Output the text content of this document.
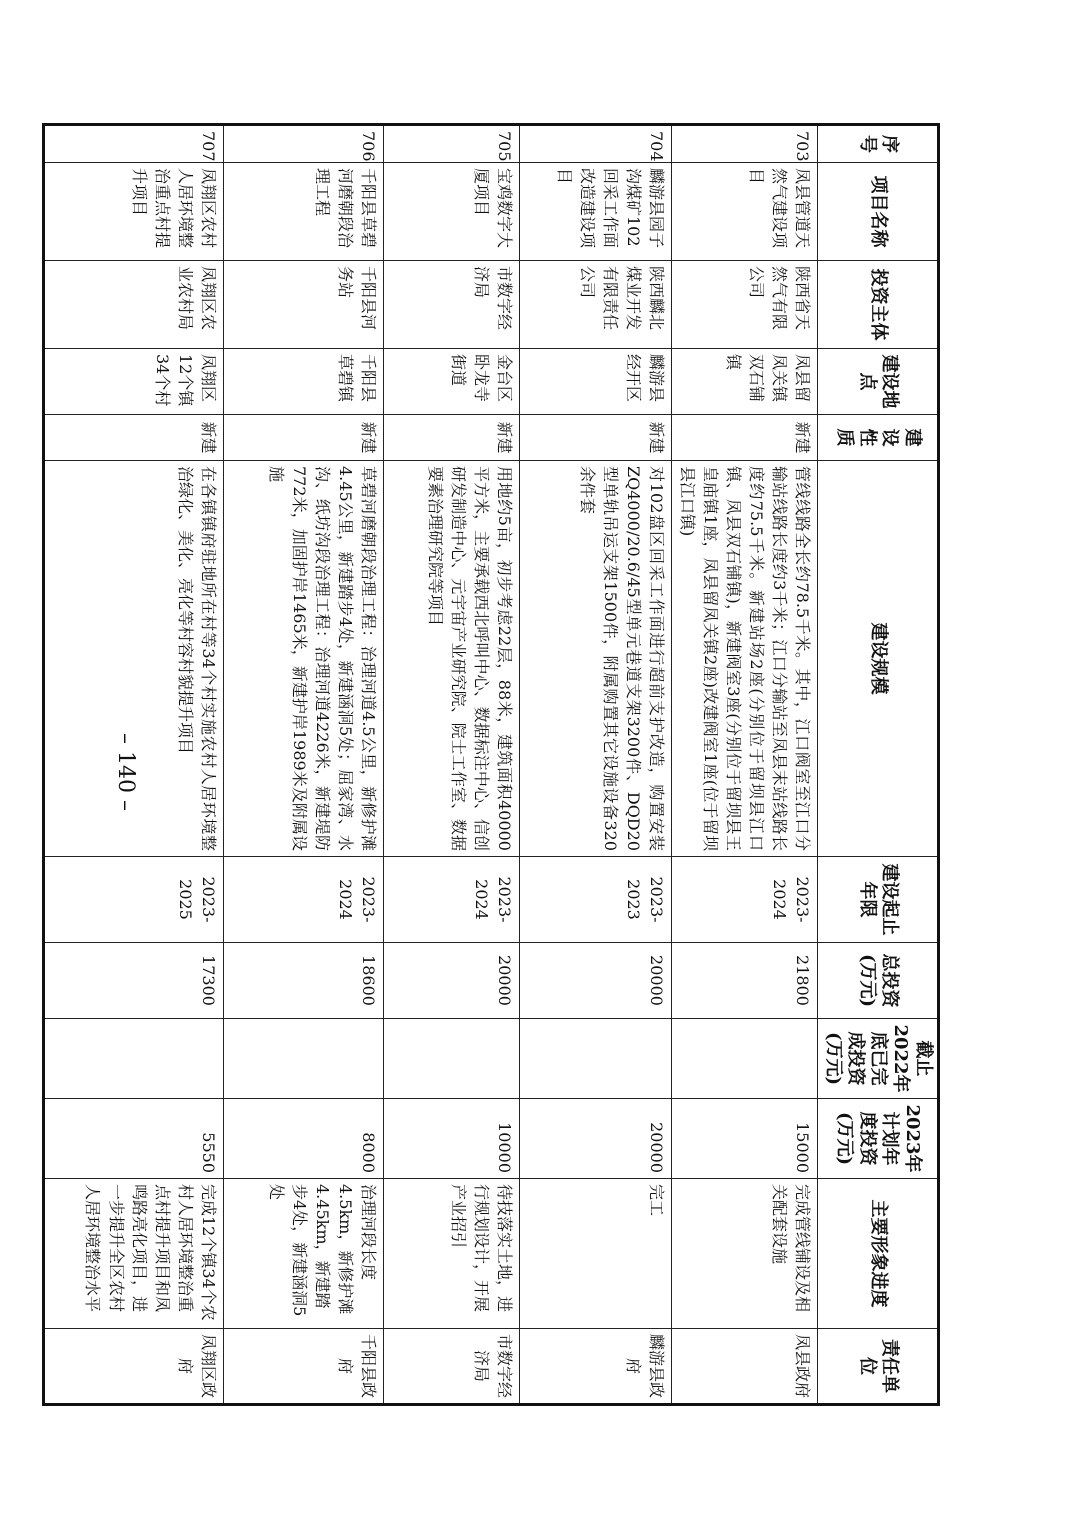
序号	项目名称	投资主体	建设地点	建设性质	建设规模	建设起止年限	总投资(万元)	截止2022年底已完成投资(万元)	2023年计划年度投资(万元)	主要形象进度	责任单位
703	凤县管道天然气建设项目	陕西省天然气有限公司	凤县留凤关镇双石铺镇	新建	管线线路全长约78.5千米。其中，江口阀室至江口分输站线路长度约3千米；江口分输站至凤县末站线路长度约75.5千米。新建站场2座(分别位于留坝县江口镇、凤县双石铺镇)，新建阀室3座(分别位于留坝县王皇庙镇1座，凤县留凤关镇2座)改建阀室1座(位于留坝县江口镇)	2023-2024	21800		15000	完成管线铺设及相关配套设施	凤县政府
704	麟游县园子沟煤矿102回采工作面改造建设项目	陕西麟北煤业开发有限责任公司	麟游县经开区	新建	对102盘区回采工作面进行超前支护改造，购置安装ZQ4000/20.6/45型单元巷道支架3200件、DQD20型单轨吊运支架1500件，附属购置其它设施设备320余件套	2023-2023	20000		20000	完工	麟游县政府
705	宝鸡数字大厦项目	市数字经济局	金台区卧龙寺街道	新建	用地约5亩，初步考虑22层，88米，建筑面积40000平方米，主要承载西北呼叫中心、数据标注中心、信创研发制造中心、元宇宙产业研究院、院士工作室、数据要素治理研究院等项目	2023-2024	20000		10000	待技落实土地，进行规划设计，开展产业招引	市数字经济局
706	千阳县草碧河磨朝段治理工程	千阳县河务站	千阳县草碧镇	新建	草碧河磨朝段治理工程：治理河道4.5公里，新修护滩4.45公里，新建踏步4处，新建涵洞5处；屈家湾、水沟、纸坊沟段治理工程：治理河道4226米，新建堤防772米，加固护岸1465米，新建护岸1989米及附属设施	2023-2024	18600		8000	治理河段长度4.5km，新修护滩4.45km，新建踏步4处，新建涵洞5处	千阳县政府
707	凤翔区农村人居环境整治重点村提升项目	凤翔区农业农村局	凤翔区12个镇34个村	新建	在各镇镇府驻地所在村等34个村实施农村人居环境整治绿化、美化、亮化等村容村貌提升项目	2023-2025	17300		5550	完成12个镇34个农村人居环境整治重点村提升项目和凤鸣路亮化项目，进一步提升全区农村人居环境整治水平	凤翔区政府
– 140 –
